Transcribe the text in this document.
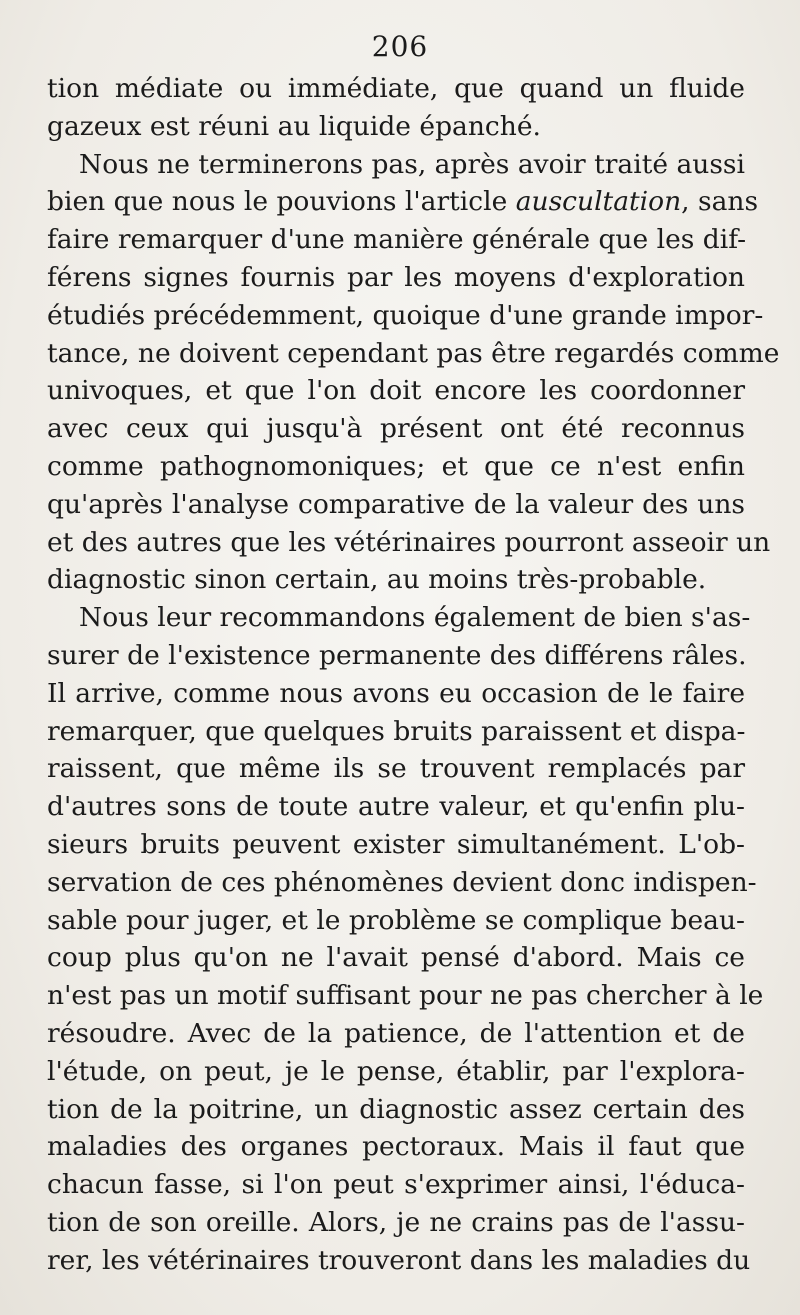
206
tion médiate ou immédiate, que quand un fluide
gazeux est réuni au liquide épanché.
Nous ne terminerons pas, après avoir traité aussi
bien que nous le pouvions l'article auscultation, sans
faire remarquer d'une manière générale que les dif-
férens signes fournis par les moyens d'exploration
étudiés précédemment, quoique d'une grande impor-
tance, ne doivent cependant pas être regardés comme
univoques, et que l'on doit encore les coordonner
avec ceux qui jusqu'à présent ont été reconnus
comme pathognomoniques; et que ce n'est enfin
qu'après l'analyse comparative de la valeur des uns
et des autres que les vétérinaires pourront asseoir un
diagnostic sinon certain, au moins très-probable.
Nous leur recommandons également de bien s'as-
surer de l'existence permanente des différens râles.
Il arrive, comme nous avons eu occasion de le faire
remarquer, que quelques bruits paraissent et dispa-
raissent, que même ils se trouvent remplacés par
d'autres sons de toute autre valeur, et qu'enfin plu-
sieurs bruits peuvent exister simultanément. L'ob-
servation de ces phénomènes devient donc indispen-
sable pour juger, et le problème se complique beau-
coup plus qu'on ne l'avait pensé d'abord. Mais ce
n'est pas un motif suffisant pour ne pas chercher à le
résoudre. Avec de la patience, de l'attention et de
l'étude, on peut, je le pense, établir, par l'explora-
tion de la poitrine, un diagnostic assez certain des
maladies des organes pectoraux. Mais il faut que
chacun fasse, si l'on peut s'exprimer ainsi, l'éduca-
tion de son oreille. Alors, je ne crains pas de l'assu-
rer, les vétérinaires trouveront dans les maladies du
